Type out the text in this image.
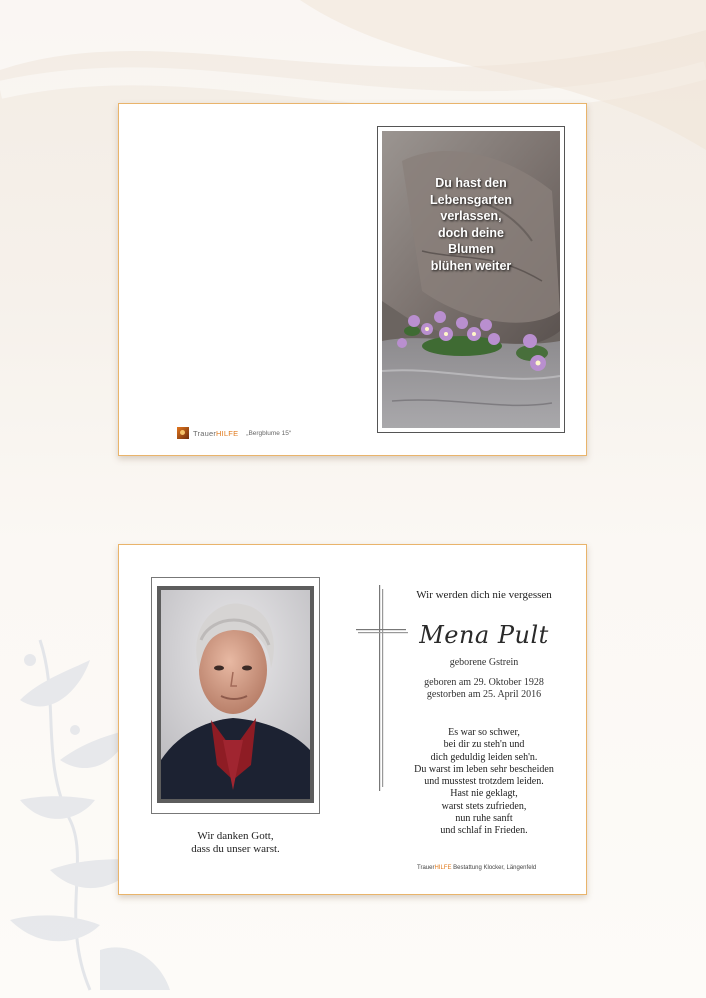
Du hast den
Lebensgarten
verlassen,
doch deine
Blumen
blühen weiter
TrauerHILFE „Bergblume 15“
Wir danken Gott,
dass du unser warst.
Wir werden dich nie vergessen
Mena Pult
geborene Gstrein
geboren am 29. Oktober 1928
gestorben am 25. April 2016
Es war so schwer,
bei dir zu steh'n und
dich geduldig leiden seh'n.
Du warst im leben sehr bescheiden
und musstest trotzdem leiden.
Hast nie geklagt,
warst stets zufrieden,
nun ruhe sanft
und schlaf in Frieden.
TrauerHILFE Bestattung Klocker, Längenfeld
